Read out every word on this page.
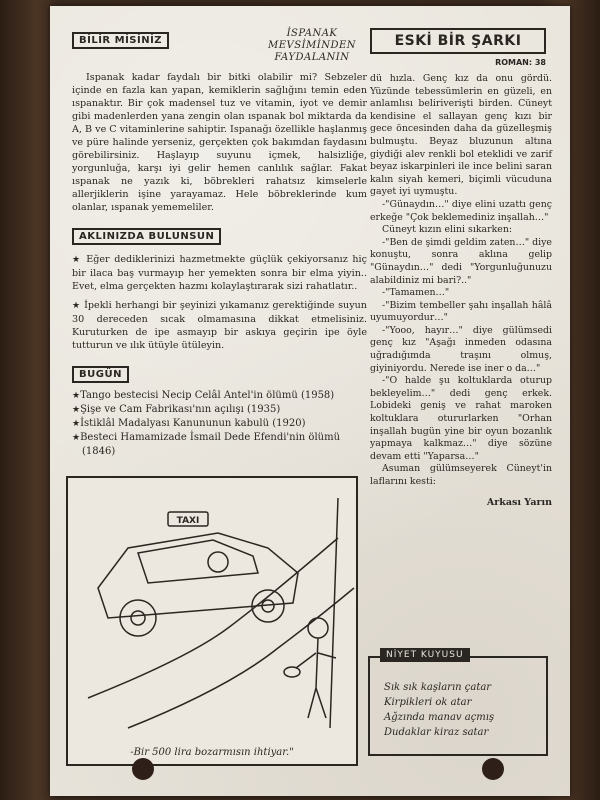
BİLİR MİSİNİZ
İSPANAK
MEVSİMİNDEN
FAYDALANIN

Ispanak kadar faydalı bir bitki olabilir mi? Sebzeler içinde en fazla kan yapan, kemiklerin sağlığını temin eden ıspanaktır. Bir çok madensel tuz ve vitamin, iyot ve demir gibi madenlerden yana zengin olan ıspanak bol miktarda da A, B ve C vitaminlerine sahiptir. Ispanağı özellikle haşlanmış ve püre halinde yerseniz, gerçekten çok bakımdan faydasını görebilirsiniz. Haşlayıp suyunu içmek, halsizliğe, yorgunluğa, karşı iyi gelir hemen canlılık sağlar. Fakat ıspanak ne yazık ki, böbrekleri rahatsız kimselerle allerjiklerin işine yarayamaz. Hele böbreklerinde kum olanlar, ıspanak yememeliler.

AKLINIZDA BULUNSUN

★ Eğer dediklerinizi hazmetmekte güçlük çekiyorsanız hiç bir ilaca baş vurmayıp her yemekten sonra bir elma yiyin.. Evet, elma gerçekten hazmı kolaylaştırarak sizi rahatlatır..

★ İpekli herhangi bir şeyinizi yıkamanız gerektiğinde suyun 30 dereceden sıcak olmamasına dikkat etmelisiniz. Kuruturken de ipe asmayıp bir askıya geçirin ipe öyle tutturun ve ılık ütüyle ütüleyin.

BUGÜN
★Tango bestecisi Necip Celâl Antel'in ölümü (1958)
★Şişe ve Cam Fabrikası'nın açılışı (1935)
★İstiklâl Madalyası Kanununun kabulü (1920)
★Besteci Hamamizade İsmail Dede Efendi'nin ölümü (1846)
ESKİ BİR ŞARKI
ROMAN: 38
dü hızla. Genç kız da onu gördü. Yüzünde tebessümlerin en güzeli, en anlamlısı beliriverişti birden. Cüneyt kendisine el sallayan genç kızı bir gece öncesinden daha da güzelleşmiş bulmuştu. Beyaz bluzunun altına giydiği alev renkli bol eteklidi ve zarif beyaz iskarpinleri ile ince belini saran kalın siyah kemeri, biçimli vücuduna gayet iyi uymuştu.
-"Günaydın…" diye elini uzattı genç erkeğe "Çok beklemediniz inşallah…"
Cüneyt kızın elini sıkarken:
-"Ben de şimdi geldim zaten…" diye konuştu, sonra aklına gelip "Günaydın…" dedi "Yorgunluğunuzu alabildiniz mi bari?.."
-"Tamamen…"
-"Bizim tembeller şahı inşallah hâlâ uyumuyordur…"
-"Yooo, hayır…" diye gülümsedi genç kız "Aşağı inmeden odasına uğradığımda traşını olmuş, giyiniyordu. Nerede ise iner o da…"
-"O halde şu koltuklarda oturup bekleyelim…" dedi genç erkek. Lobideki geniş ve rahat maroken koltuklara otururlarken "Orhan inşallah bugün yine bir oyun bozanlık yapmaya kalkmaz…" diye sözüne devam etti "Yaparsa…"
Asuman gülümseyerek Cüneyt'in laflarını kesti:
Arkası Yarın
NİYET KUYUSU
Sık sık kaşların çatar
Kirpikleri ok atar
Ağzında manav açmış
Dudaklar kiraz satar
TAXI
-Bir 500 lira bozarmısın ihtiyar."
